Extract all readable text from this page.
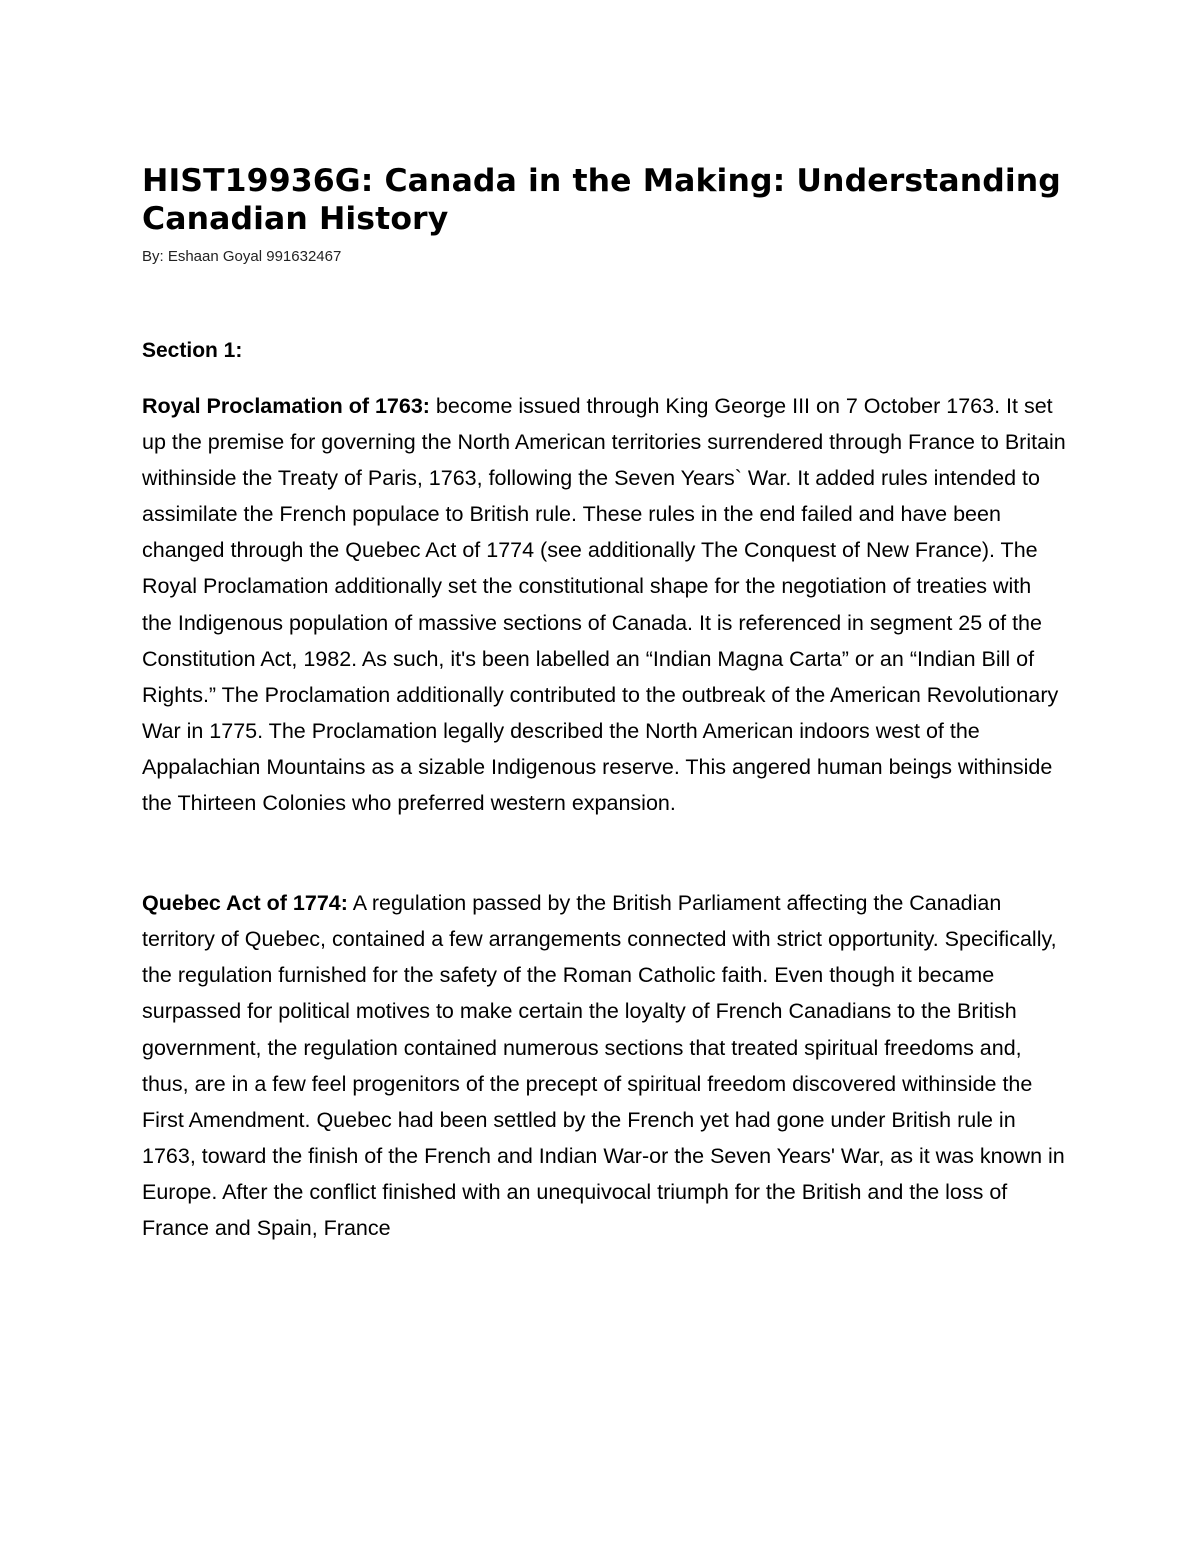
HIST19936G: Canada in the Making: Understanding Canadian History
By: Eshaan Goyal 991632467
Section 1:

Royal Proclamation of 1763: become issued through King George III on 7 October 1763. It set up the premise for governing the North American territories surrendered through France to Britain withinside the Treaty of Paris, 1763, following the Seven Years` War. It added rules intended to assimilate the French populace to British rule. These rules in the end failed and have been changed through the Quebec Act of 1774 (see additionally The Conquest of New France). The Royal Proclamation additionally set the constitutional shape for the negotiation of treaties with the Indigenous population of massive sections of Canada. It is referenced in segment 25 of the Constitution Act, 1982. As such, it's been labelled an “Indian Magna Carta” or an “Indian Bill of Rights.” The Proclamation additionally contributed to the outbreak of the American Revolutionary War in 1775. The Proclamation legally described the North American indoors west of the Appalachian Mountains as a sizable Indigenous reserve. This angered human beings withinside the Thirteen Colonies who preferred western expansion.

Quebec Act of 1774: A regulation passed by the British Parliament affecting the Canadian territory of Quebec, contained a few arrangements connected with strict opportunity. Specifically, the regulation furnished for the safety of the Roman Catholic faith. Even though it became surpassed for political motives to make certain the loyalty of French Canadians to the British government, the regulation contained numerous sections that treated spiritual freedoms and, thus, are in a few feel progenitors of the precept of spiritual freedom discovered withinside the First Amendment. Quebec had been settled by the French yet had gone under British rule in 1763, toward the finish of the French and Indian War-or the Seven Years' War, as it was known in Europe. After the conflict finished with an unequivocal triumph for the British and the loss of France and Spain, France
